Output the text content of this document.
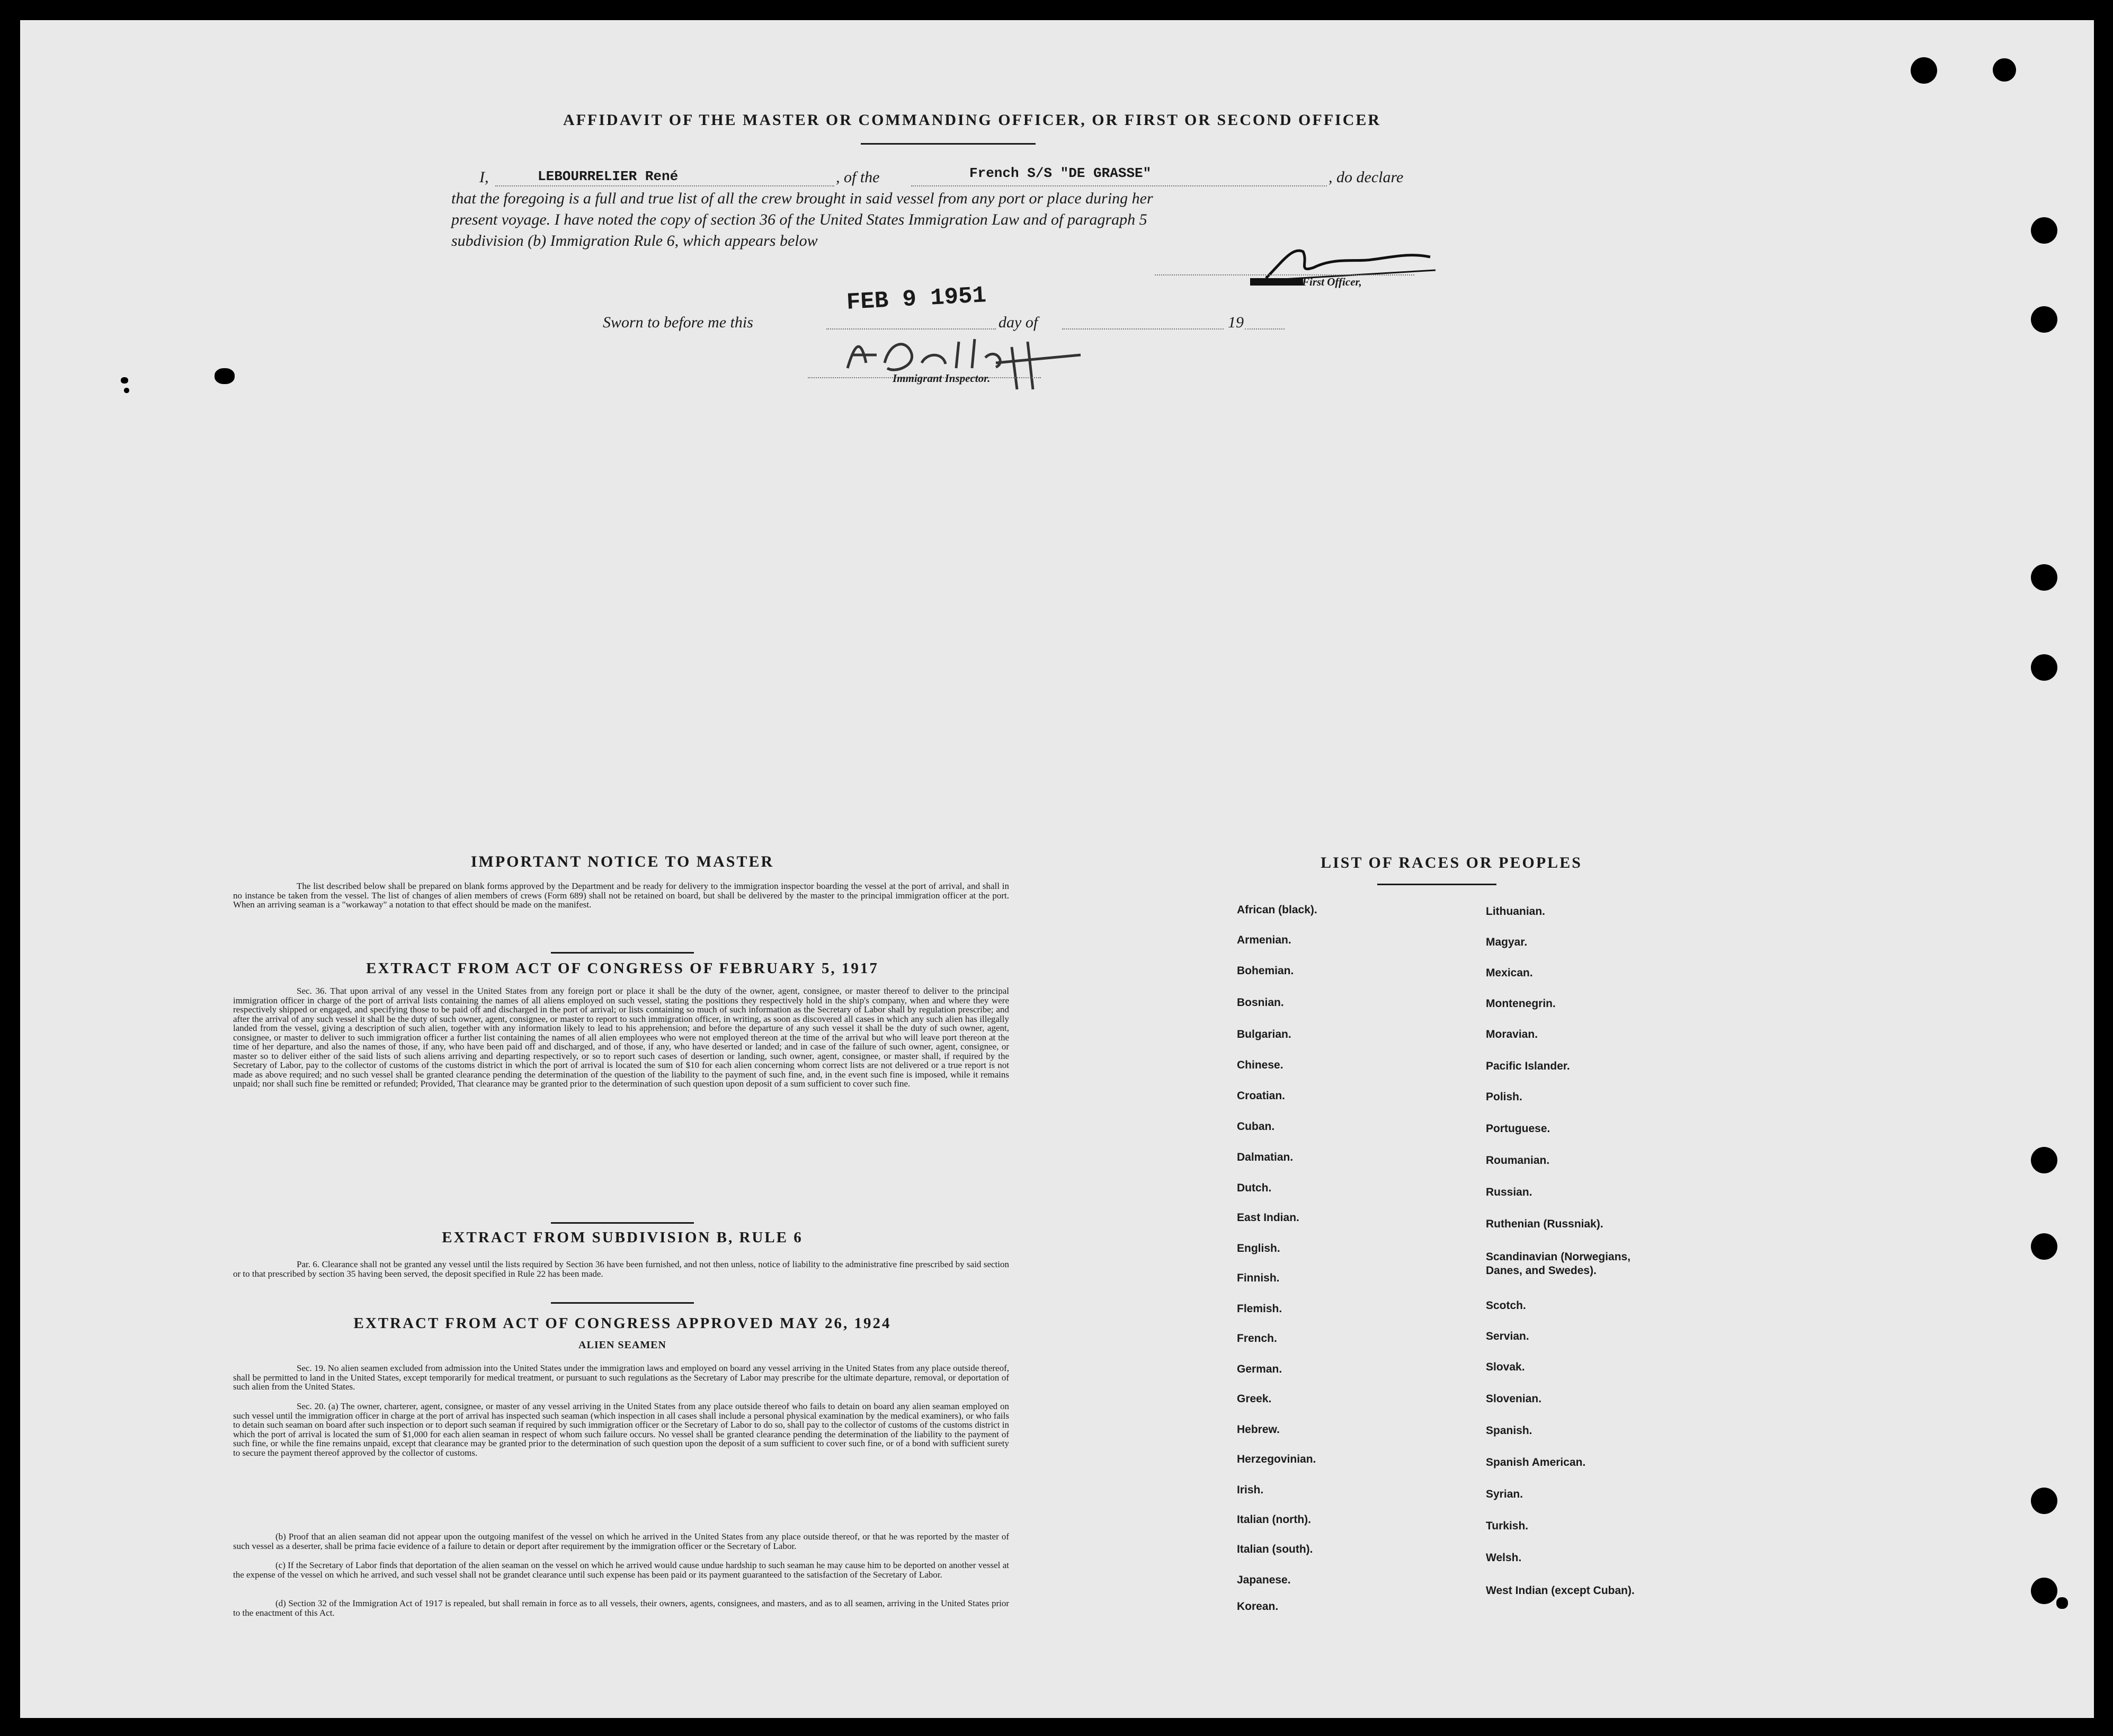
AFFIDAVIT OF THE MASTER OR COMMANDING OFFICER, OR FIRST OR SECOND OFFICER
I,	LEBOURRELIER René	, of the	French S/S "DE GRASSE"	, do declare
that the foregoing is a full and true list of all the crew brought in said vessel from any port or place during her
present voyage. I have noted the copy of section 36 of the United States Immigration Law and of paragraph 5
subdivision (b) Immigration Rule 6, which appears below
First Officer,
Sworn to before me this
FEB 9 1951
day of	19
Immigrant Inspector.
IMPORTANT NOTICE TO MASTER
The list described below shall be prepared on blank forms approved by the Department and be ready for delivery to the immigration inspector boarding the vessel at the port of arrival, and shall in no instance be taken from the vessel. The list of changes of alien members of crews (Form 689) shall not be retained on board, but shall be delivered by the master to the principal immigration officer at the port. When an arriving seaman is a "workaway" a notation to that effect should be made on the manifest.
EXTRACT FROM ACT OF CONGRESS OF FEBRUARY 5, 1917
Sec. 36. That upon arrival of any vessel in the United States from any foreign port or place it shall be the duty of the owner, agent, consignee, or master thereof to deliver to the principal immigration officer in charge of the port of arrival lists containing the names of all aliens employed on such vessel, stating the positions they respectively hold in the ship's company, when and where they were respectively shipped or engaged, and specifying those to be paid off and discharged in the port of arrival; or lists containing so much of such information as the Secretary of Labor shall by regulation prescribe; and after the arrival of any such vessel it shall be the duty of such owner, agent, consignee, or master to report to such immigration officer, in writing, as soon as discovered all cases in which any such alien has illegally landed from the vessel, giving a description of such alien, together with any information likely to lead to his apprehension; and before the departure of any such vessel it shall be the duty of such owner, agent, consignee, or master to deliver to such immigration officer a further list containing the names of all alien employees who were not employed thereon at the time of the arrival but who will leave port thereon at the time of her departure, and also the names of those, if any, who have been paid off and discharged, and of those, if any, who have deserted or landed; and in case of the failure of such owner, agent, consignee, or master so to deliver either of the said lists of such aliens arriving and departing respectively, or so to report such cases of desertion or landing, such owner, agent, consignee, or master shall, if required by the Secretary of Labor, pay to the collector of customs of the customs district in which the port of arrival is located the sum of $10 for each alien concerning whom correct lists are not delivered or a true report is not made as above required; and no such vessel shall be granted clearance pending the determination of the question of the liability to the payment of such fine, and, in the event such fine is imposed, while it remains unpaid; nor shall such fine be remitted or refunded; Provided, That clearance may be granted prior to the determination of such question upon deposit of a sum sufficient to cover such fine.
EXTRACT FROM SUBDIVISION B, RULE 6
Par. 6. Clearance shall not be granted any vessel until the lists required by Section 36 have been furnished, and not then unless, notice of liability to the administrative fine prescribed by said section or to that prescribed by section 35 having been served, the deposit specified in Rule 22 has been made.
EXTRACT FROM ACT OF CONGRESS APPROVED MAY 26, 1924
ALIEN SEAMEN
Sec. 19. No alien seamen excluded from admission into the United States under the immigration laws and employed on board any vessel arriving in the United States from any place outside thereof, shall be permitted to land in the United States, except temporarily for medical treatment, or pursuant to such regulations as the Secretary of Labor may prescribe for the ultimate departure, removal, or deportation of such alien from the United States.
Sec. 20. (a) The owner, charterer, agent, consignee, or master of any vessel arriving in the United States from any place outside thereof who fails to detain on board any alien seaman employed on such vessel until the immigration officer in charge at the port of arrival has inspected such seaman (which inspection in all cases shall include a personal physical examination by the medical examiners), or who fails to detain such seaman on board after such inspection or to deport such seaman if required by such immigration officer or the Secretary of Labor to do so, shall pay to the collector of customs of the customs district in which the port of arrival is located the sum of $1,000 for each alien seaman in respect of whom such failure occurs. No vessel shall be granted clearance pending the determination of the liability to the payment of such fine, or while the fine remains unpaid, except that clearance may be granted prior to the determination of such question upon the deposit of a sum sufficient to cover such fine, or of a bond with sufficient surety to secure the payment thereof approved by the collector of customs.
(b) Proof that an alien seaman did not appear upon the outgoing manifest of the vessel on which he arrived in the United States from any place outside thereof, or that he was reported by the master of such vessel as a deserter, shall be prima facie evidence of a failure to detain or deport after requirement by the immigration officer or the Secretary of Labor.
(c) If the Secretary of Labor finds that deportation of the alien seaman on the vessel on which he arrived would cause undue hardship to such seaman he may cause him to be deported on another vessel at the expense of the vessel on which he arrived, and such vessel shall not be grandet clearance until such expense has been paid or its payment guaranteed to the satisfaction of the Secretary of Labor.
(d) Section 32 of the Immigration Act of 1917 is repealed, but shall remain in force as to all vessels, their owners, agents, consignees, and masters, and as to all seamen, arriving in the United States prior to the enactment of this Act.
LIST OF RACES OR PEOPLES
African (black).
Armenian.
Bohemian.
Bosnian.
Bulgarian.
Chinese.
Croatian.
Cuban.
Dalmatian.
Dutch.
East Indian.
English.
Finnish.
Flemish.
French.
German.
Greek.
Hebrew.
Herzegovinian.
Irish.
Italian (north).
Italian (south).
Japanese.
Korean.
Lithuanian.
Magyar.
Mexican.
Montenegrin.
Moravian.
Pacific Islander.
Polish.
Portuguese.
Roumanian.
Russian.
Ruthenian (Russniak).
Scandinavian (Norwegians, Danes, and Swedes).
Scotch.
Servian.
Slovak.
Slovenian.
Spanish.
Spanish American.
Syrian.
Turkish.
Welsh.
West Indian (except Cuban).
